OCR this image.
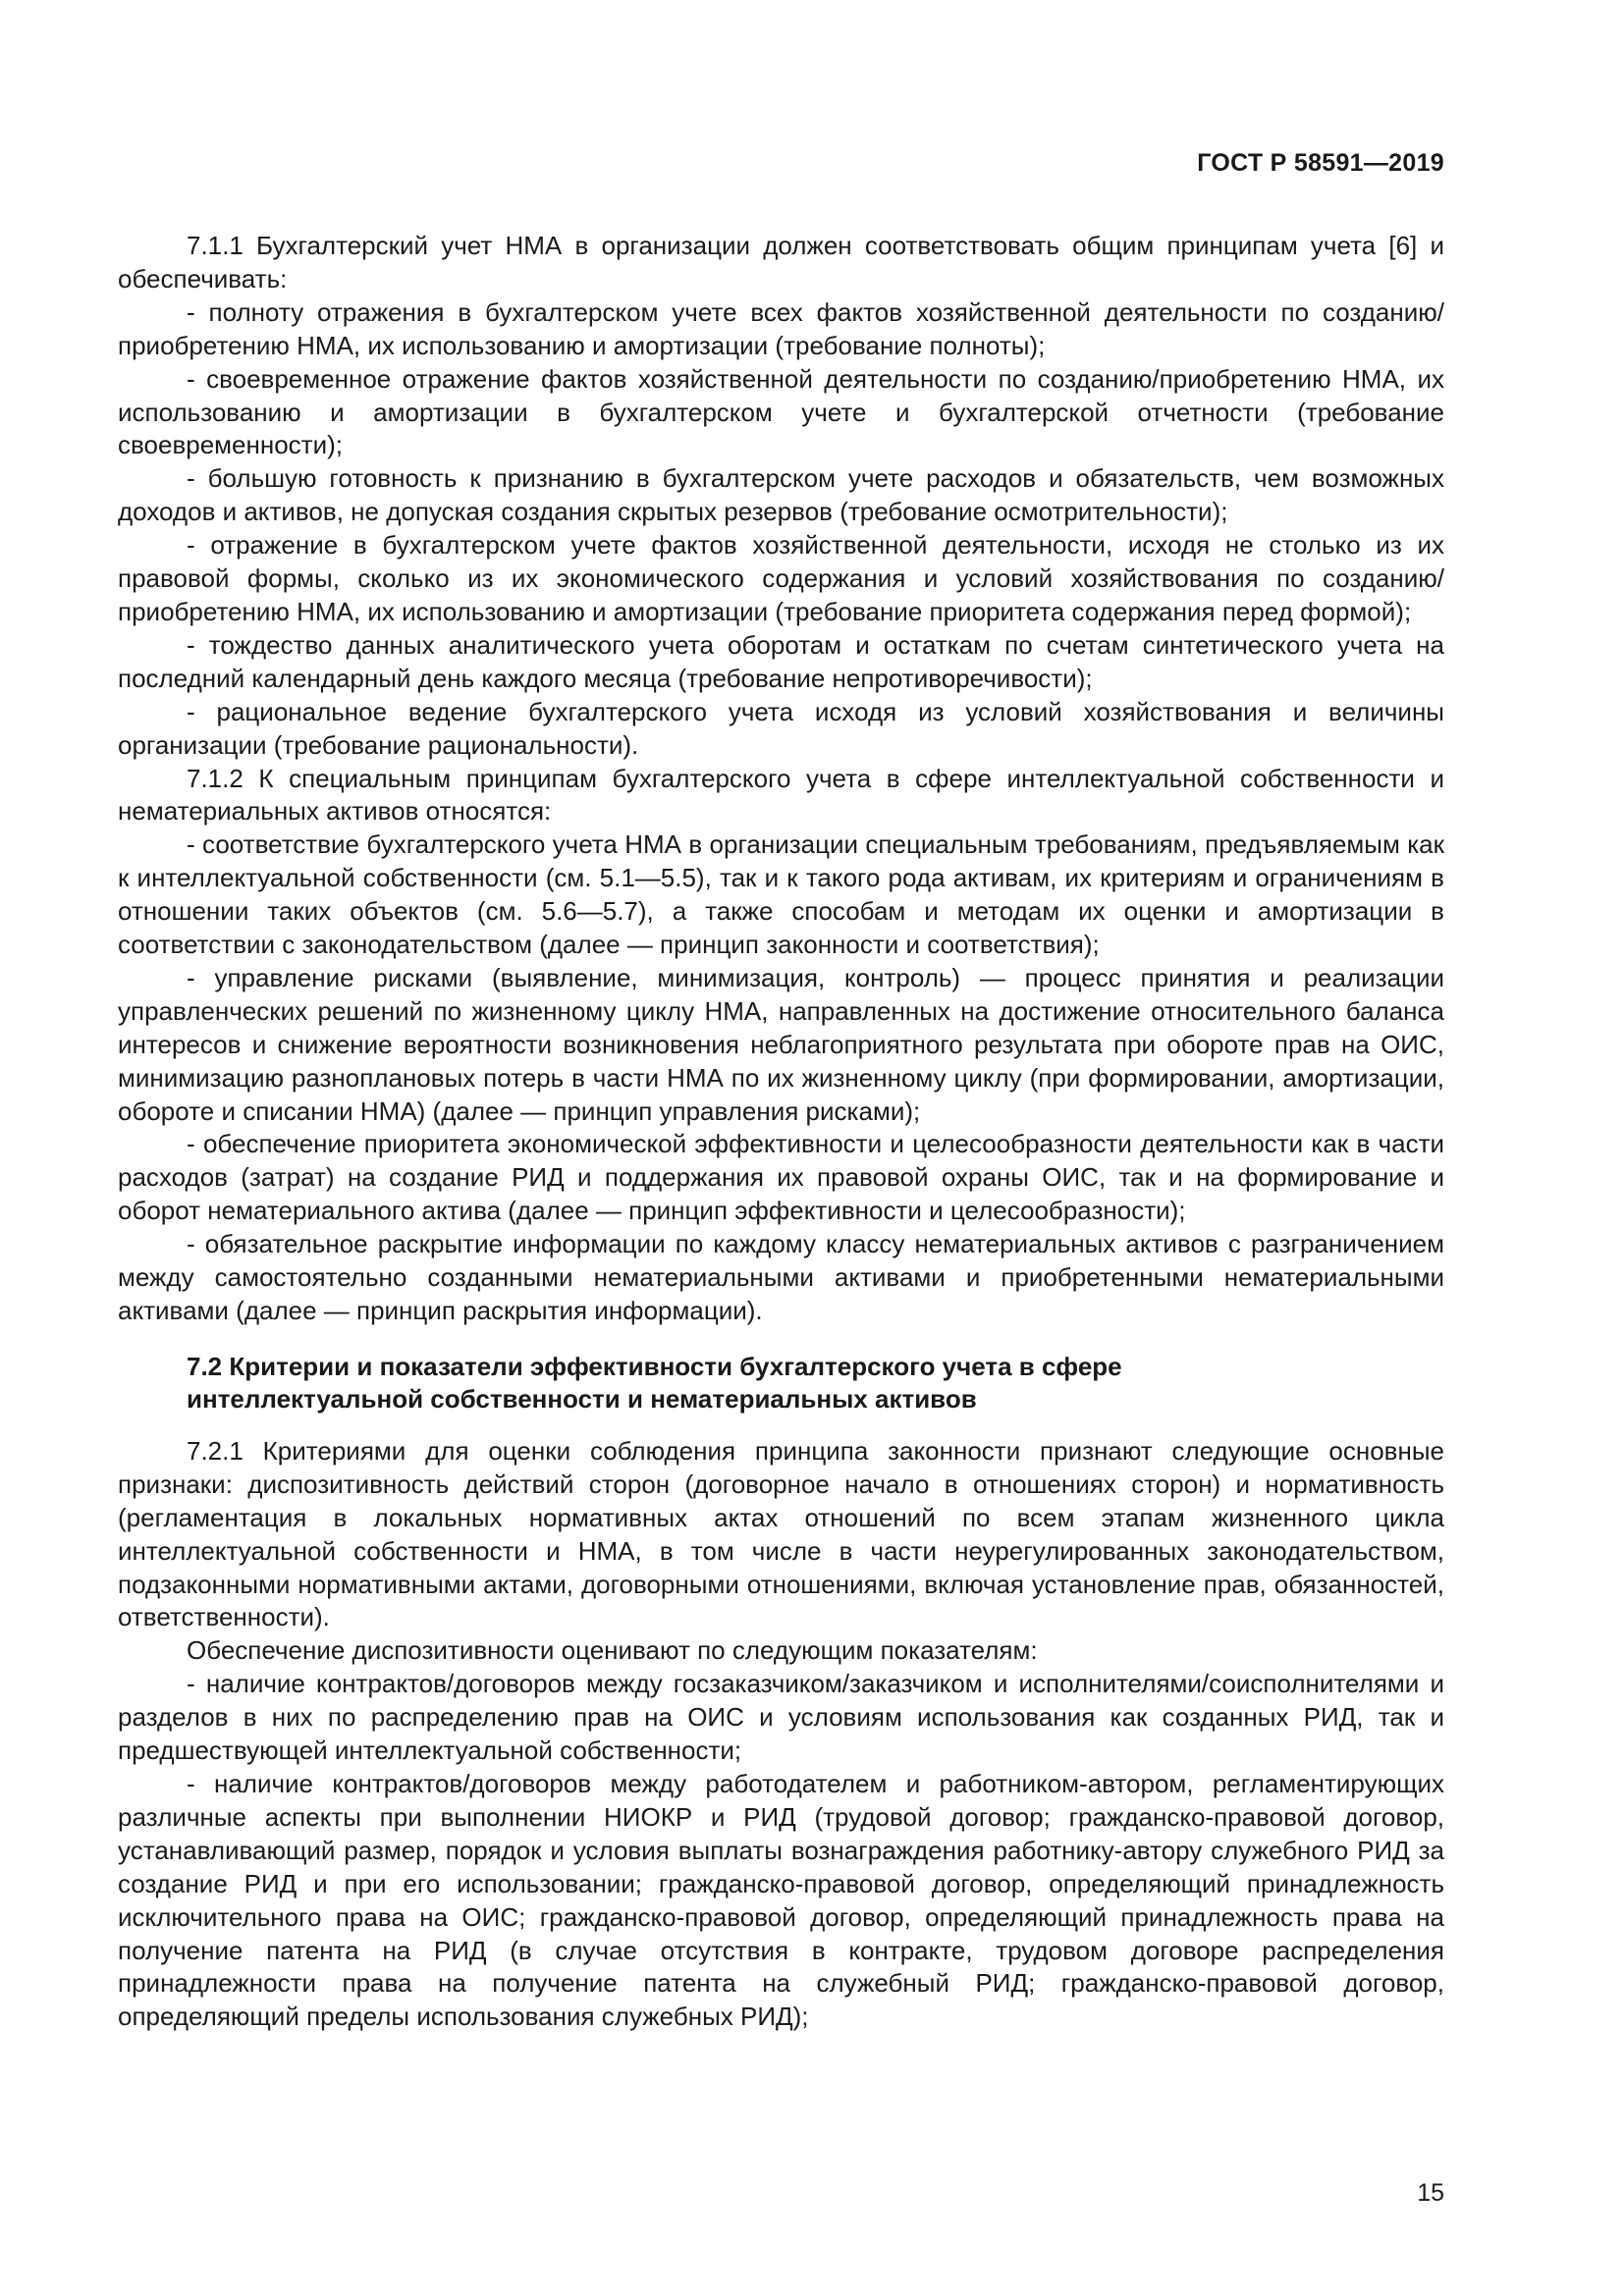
ГОСТ Р 58591—2019

7.1.1 Бухгалтерский учет НМА в организации должен соответствовать общим принципам учета [6] и обеспечивать:

- полноту отражения в бухгалтерском учете всех фактов хозяйственной деятельности по созданию/приобретению НМА, их использованию и амортизации (требование полноты);

- своевременное отражение фактов хозяйственной деятельности по созданию/приобретению НМА, их использованию и амортизации в бухгалтерском учете и бухгалтерской отчетности (требование своевременности);

- большую готовность к признанию в бухгалтерском учете расходов и обязательств, чем возможных доходов и активов, не допуская создания скрытых резервов (требование осмотрительности);

- отражение в бухгалтерском учете фактов хозяйственной деятельности, исходя не столько из их правовой формы, сколько из их экономического содержания и условий хозяйствования по созданию/приобретению НМА, их использованию и амортизации (требование приоритета содержания перед формой);

- тождество данных аналитического учета оборотам и остаткам по счетам синтетического учета на последний календарный день каждого месяца (требование непротиворечивости);

- рациональное ведение бухгалтерского учета исходя из условий хозяйствования и величины организации (требование рациональности).

7.1.2 К специальным принципам бухгалтерского учета в сфере интеллектуальной собственности и нематериальных активов относятся:

- соответствие бухгалтерского учета НМА в организации специальным требованиям, предъявляемым как к интеллектуальной собственности (см. 5.1—5.5), так и к такого рода активам, их критериям и ограничениям в отношении таких объектов (см. 5.6—5.7), а также способам и методам их оценки и амортизации в соответствии с законодательством (далее — принцип законности и соответствия);

- управление рисками (выявление, минимизация, контроль) — процесс принятия и реализации управленческих решений по жизненному циклу НМА, направленных на достижение относительного баланса интересов и снижение вероятности возникновения неблагоприятного результата при обороте прав на ОИС, минимизацию разноплановых потерь в части НМА по их жизненному циклу (при формировании, амортизации, обороте и списании НМА) (далее — принцип управления рисками);

- обеспечение приоритета экономической эффективности и целесообразности деятельности как в части расходов (затрат) на создание РИД и поддержания их правовой охраны ОИС, так и на формирование и оборот нематериального актива (далее — принцип эффективности и целесообразности);

- обязательное раскрытие информации по каждому классу нематериальных активов с разграничением между самостоятельно созданными нематериальными активами и приобретенными нематериальными активами (далее — принцип раскрытия информации).

7.2 Критерии и показатели эффективности бухгалтерского учета в сфере
интеллектуальной собственности и нематериальных активов

7.2.1 Критериями для оценки соблюдения принципа законности признают следующие основные признаки: диспозитивность действий сторон (договорное начало в отношениях сторон) и нормативность (регламентация в локальных нормативных актах отношений по всем этапам жизненного цикла интеллектуальной собственности и НМА, в том числе в части неурегулированных законодательством, подзаконными нормативными актами, договорными отношениями, включая установление прав, обязанностей, ответственности).

Обеспечение диспозитивности оценивают по следующим показателям:

- наличие контрактов/договоров между госзаказчиком/заказчиком и исполнителями/соисполнителями и разделов в них по распределению прав на ОИС и условиям использования как созданных РИД, так и предшествующей интеллектуальной собственности;

- наличие контрактов/договоров между работодателем и работником-автором, регламентирующих различные аспекты при выполнении НИОКР и РИД (трудовой договор; гражданско-правовой договор, устанавливающий размер, порядок и условия выплаты вознаграждения работнику-автору служебного РИД за создание РИД и при его использовании; гражданско-правовой договор, определяющий принадлежность исключительного права на ОИС; гражданско-правовой договор, определяющий принадлежность права на получение патента на РИД (в случае отсутствия в контракте, трудовом договоре распределения принадлежности права на получение патента на служебный РИД; гражданско-правовой договор, определяющий пределы использования служебных РИД);

15
